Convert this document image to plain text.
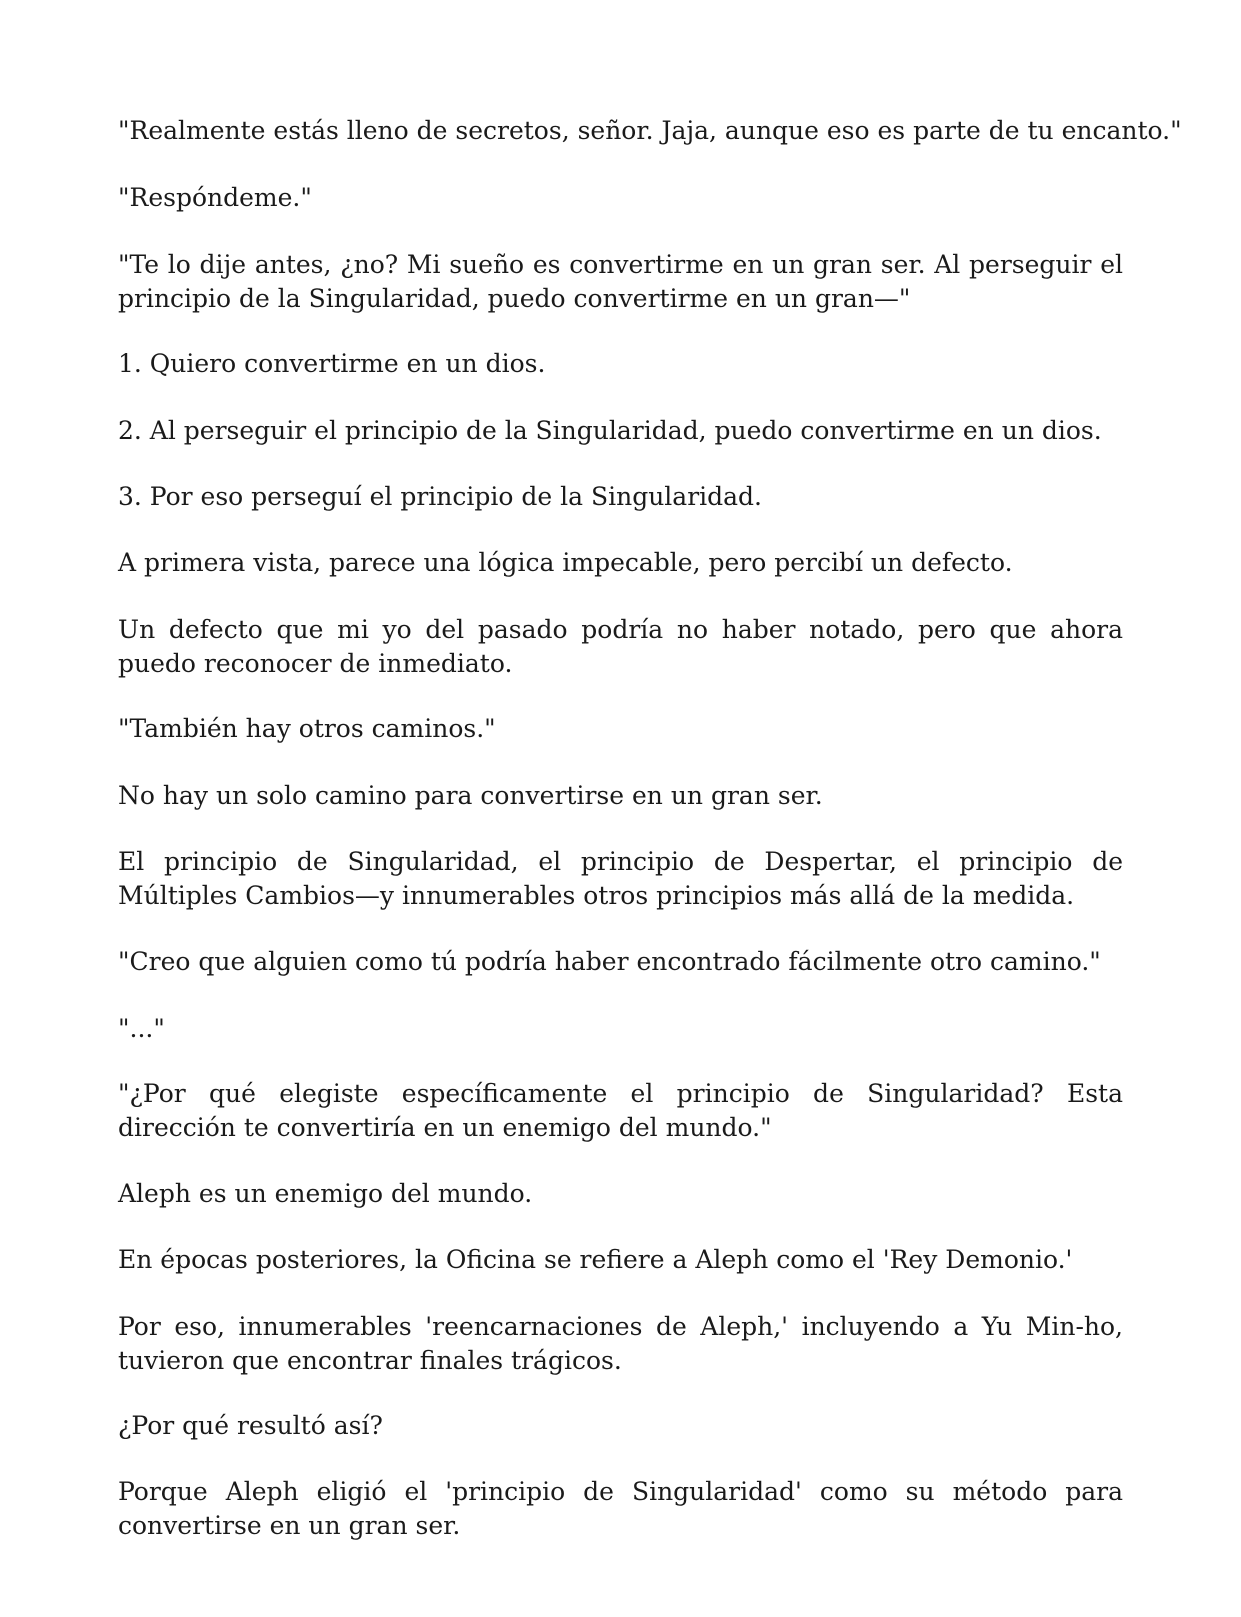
"Realmente estás lleno de secretos, señor. Jaja, aunque eso es parte de tu encanto."

"Respóndeme."

"Te lo dije antes, ¿no? Mi sueño es convertirme en un gran ser. Al perseguir el principio de la Singularidad, puedo convertirme en un gran—"

1. Quiero convertirme en un dios.

2. Al perseguir el principio de la Singularidad, puedo convertirme en un dios.

3. Por eso perseguí el principio de la Singularidad.

A primera vista, parece una lógica impecable, pero percibí un defecto.

Un defecto que mi yo del pasado podría no haber notado, pero que ahora puedo reconocer de inmediato.

"También hay otros caminos."

No hay un solo camino para convertirse en un gran ser.

El principio de Singularidad, el principio de Despertar, el principio de Múltiples Cambios—y innumerables otros principios más allá de la medida.

"Creo que alguien como tú podría haber encontrado fácilmente otro camino."

"..."

"¿Por qué elegiste específicamente el principio de Singularidad? Esta dirección te convertiría en un enemigo del mundo."

Aleph es un enemigo del mundo.

En épocas posteriores, la Oficina se refiere a Aleph como el 'Rey Demonio.'

Por eso, innumerables 'reencarnaciones de Aleph,' incluyendo a Yu Min-ho, tuvieron que encontrar finales trágicos.

¿Por qué resultó así?

Porque Aleph eligió el 'principio de Singularidad' como su método para convertirse en un gran ser.
